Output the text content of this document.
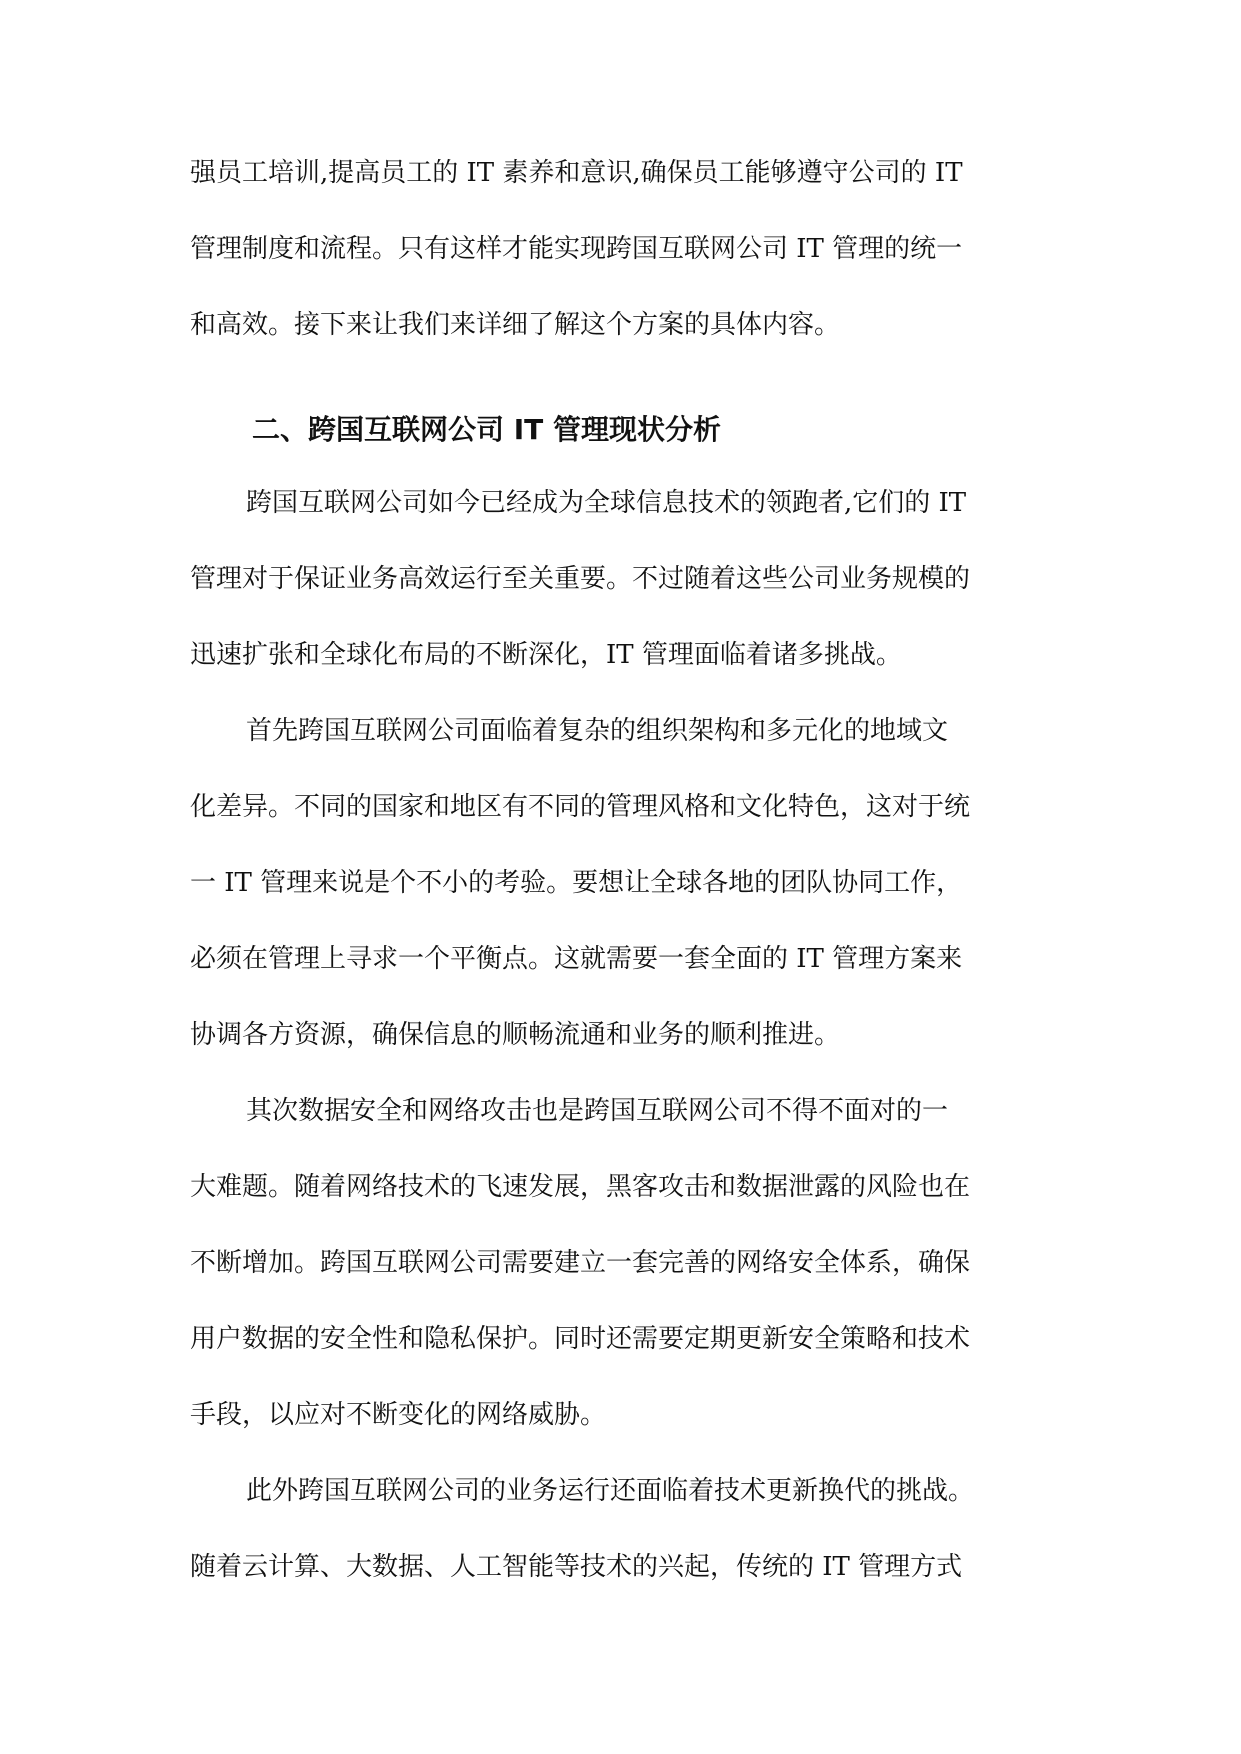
强员工培训,提高员工的 IT 素养和意识,确保员工能够遵守公司的 IT
管理制度和流程。只有这样才能实现跨国互联网公司 IT 管理的统一
和高效。接下来让我们来详细了解这个方案的具体内容。
二、跨国互联网公司 IT 管理现状分析
跨国互联网公司如今已经成为全球信息技术的领跑者,它们的 IT
管理对于保证业务高效运行至关重要。不过随着这些公司业务规模的
迅速扩张和全球化布局的不断深化，IT 管理面临着诸多挑战。
首先跨国互联网公司面临着复杂的组织架构和多元化的地域文
化差异。不同的国家和地区有不同的管理风格和文化特色，这对于统
一 IT 管理来说是个不小的考验。要想让全球各地的团队协同工作，
必须在管理上寻求一个平衡点。这就需要一套全面的 IT 管理方案来
协调各方资源，确保信息的顺畅流通和业务的顺利推进。
其次数据安全和网络攻击也是跨国互联网公司不得不面对的一
大难题。随着网络技术的飞速发展，黑客攻击和数据泄露的风险也在
不断增加。跨国互联网公司需要建立一套完善的网络安全体系，确保
用户数据的安全性和隐私保护。同时还需要定期更新安全策略和技术
手段，以应对不断变化的网络威胁。
此外跨国互联网公司的业务运行还面临着技术更新换代的挑战。
随着云计算、大数据、人工智能等技术的兴起，传统的 IT 管理方式
